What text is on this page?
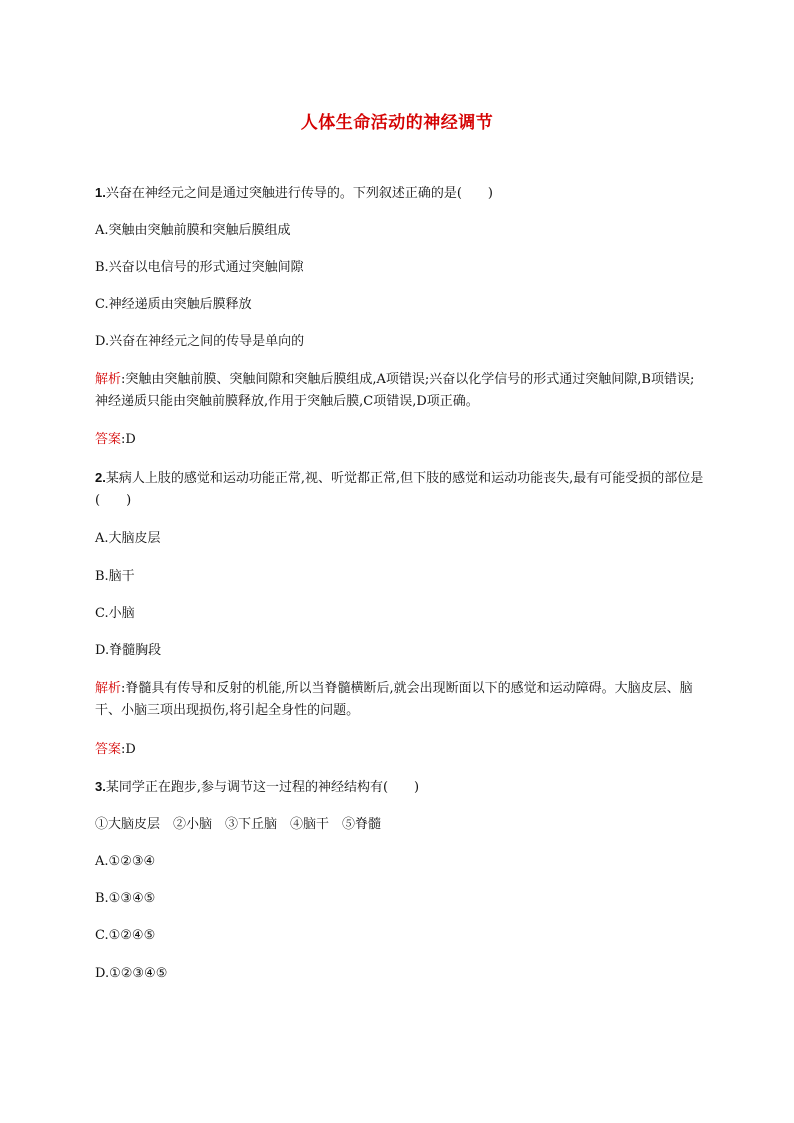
人体生命活动的神经调节
1.兴奋在神经元之间是通过突触进行传导的。下列叙述正确的是(　　)
A.突触由突触前膜和突触后膜组成
B.兴奋以电信号的形式通过突触间隙
C.神经递质由突触后膜释放
D.兴奋在神经元之间的传导是单向的
解析:突触由突触前膜、突触间隙和突触后膜组成,A项错误;兴奋以化学信号的形式通过突触间隙,B项错误;神经递质只能由突触前膜释放,作用于突触后膜,C项错误,D项正确。
答案:D
2.某病人上肢的感觉和运动功能正常,视、听觉都正常,但下肢的感觉和运动功能丧失,最有可能受损的部位是(　　)
A.大脑皮层
B.脑干
C.小脑
D.脊髓胸段
解析:脊髓具有传导和反射的机能,所以当脊髓横断后,就会出现断面以下的感觉和运动障碍。大脑皮层、脑干、小脑三项出现损伤,将引起全身性的问题。
答案:D
3.某同学正在跑步,参与调节这一过程的神经结构有(　　)
①大脑皮层　②小脑　③下丘脑　④脑干　⑤脊髓
A.①②③④
B.①③④⑤
C.①②④⑤
D.①②③④⑤
